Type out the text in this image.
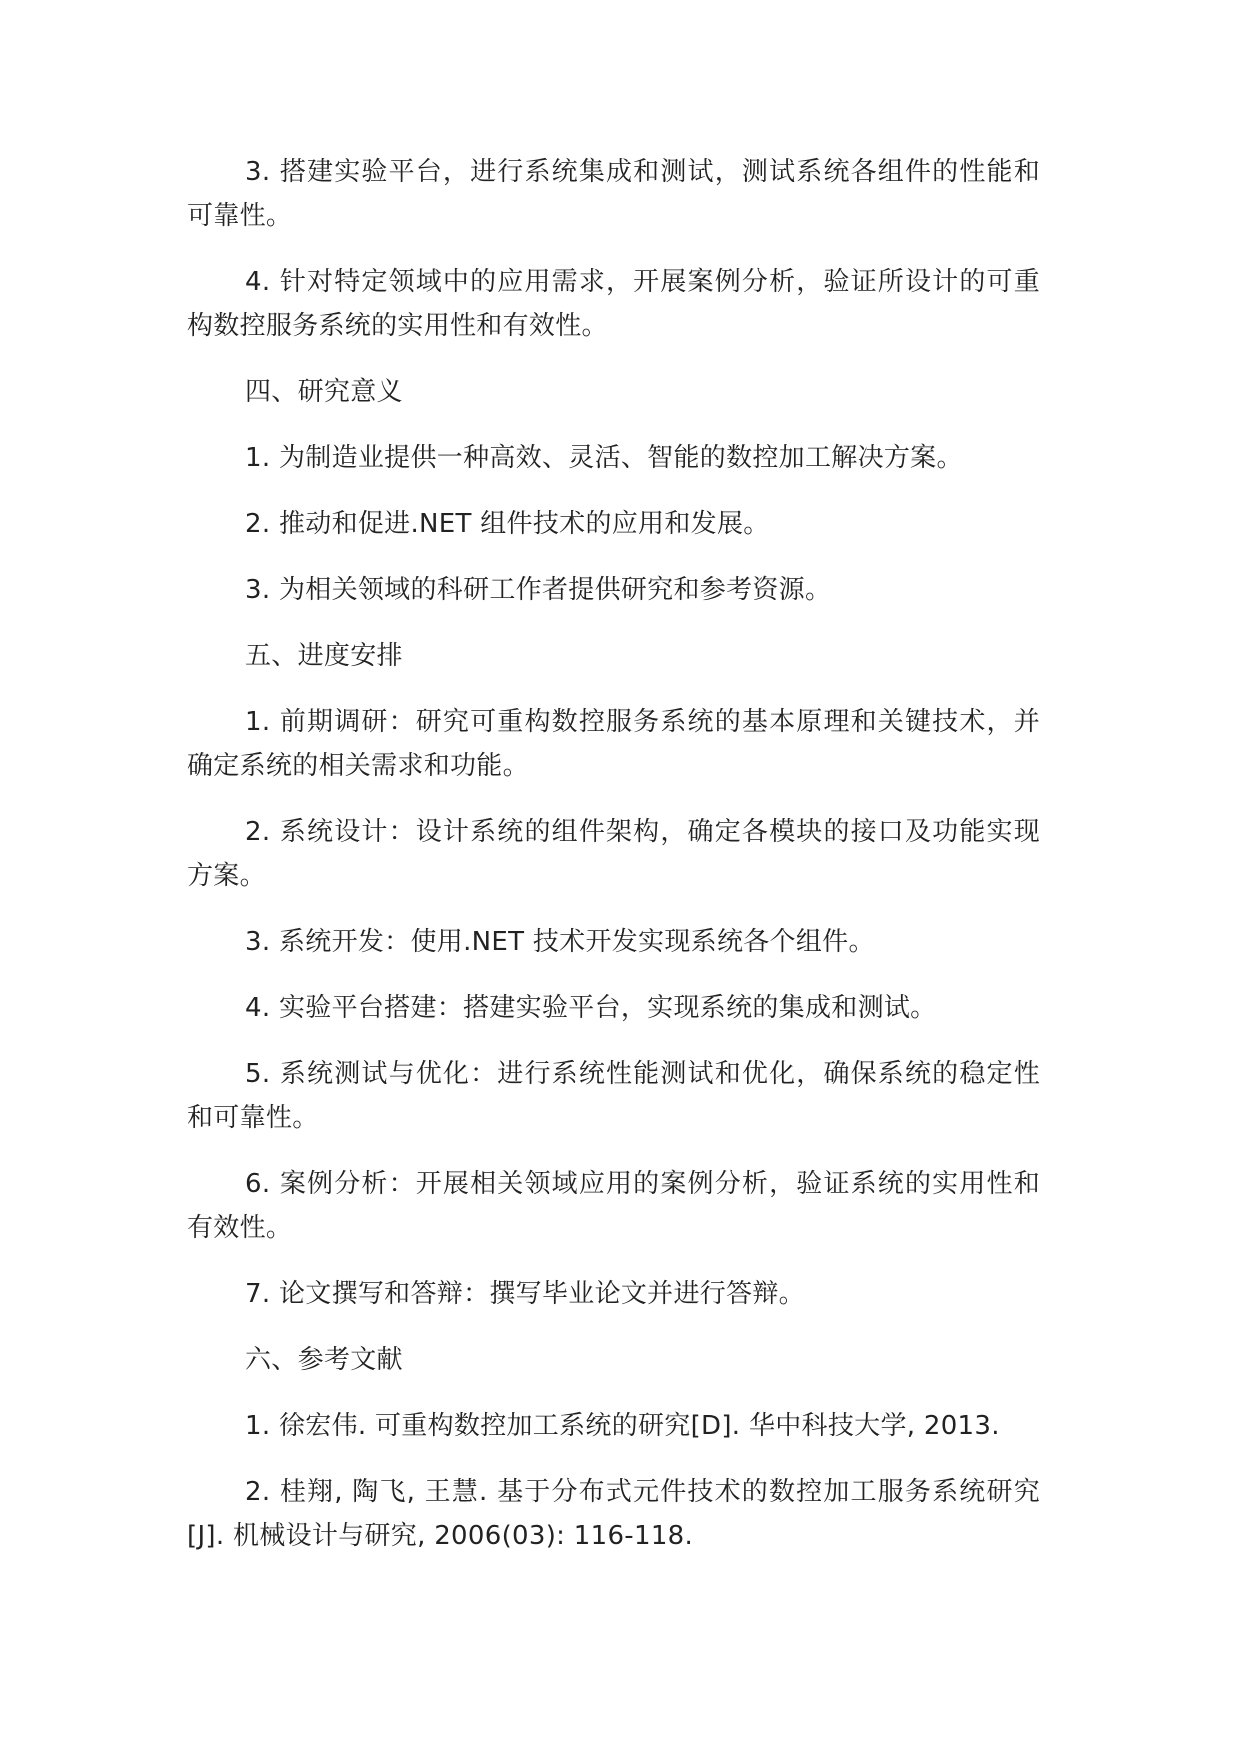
3. 搭建实验平台，进行系统集成和测试，测试系统各组件的性能和可靠性。

4. 针对特定领域中的应用需求，开展案例分析，验证所设计的可重构数控服务系统的实用性和有效性。

四、研究意义

1. 为制造业提供一种高效、灵活、智能的数控加工解决方案。

2. 推动和促进.NET 组件技术的应用和发展。

3. 为相关领域的科研工作者提供研究和参考资源。

五、进度安排

1. 前期调研：研究可重构数控服务系统的基本原理和关键技术，并确定系统的相关需求和功能。

2. 系统设计：设计系统的组件架构，确定各模块的接口及功能实现方案。

3. 系统开发：使用.NET 技术开发实现系统各个组件。

4. 实验平台搭建：搭建实验平台，实现系统的集成和测试。

5. 系统测试与优化：进行系统性能测试和优化，确保系统的稳定性和可靠性。

6. 案例分析：开展相关领域应用的案例分析，验证系统的实用性和有效性。

7. 论文撰写和答辩：撰写毕业论文并进行答辩。

六、参考文献

1. 徐宏伟. 可重构数控加工系统的研究[D]. 华中科技大学, 2013.

2. 桂翔, 陶飞, 王慧. 基于分布式元件技术的数控加工服务系统研究[J]. 机械设计与研究, 2006(03): 116-118.
